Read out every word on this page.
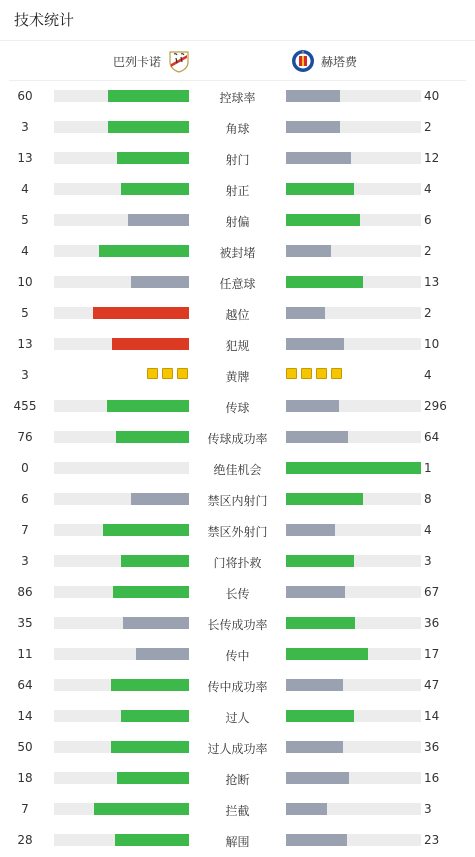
技术统计
巴列卡诺	赫塔费
60	控球率	40
3	角球	2
13	射门	12
4	射正	4
5	射偏	6
4	被封堵	2
10	任意球	13
5	越位	2
13	犯规	10
3	黄牌	4
455	传球	296
76	传球成功率	64
0	绝佳机会	1
6	禁区内射门	8
7	禁区外射门	4
3	门将扑救	3
86	长传	67
35	长传成功率	36
11	传中	17
64	传中成功率	47
14	过人	14
50	过人成功率	36
18	抢断	16
7	拦截	3
28	解围	23
